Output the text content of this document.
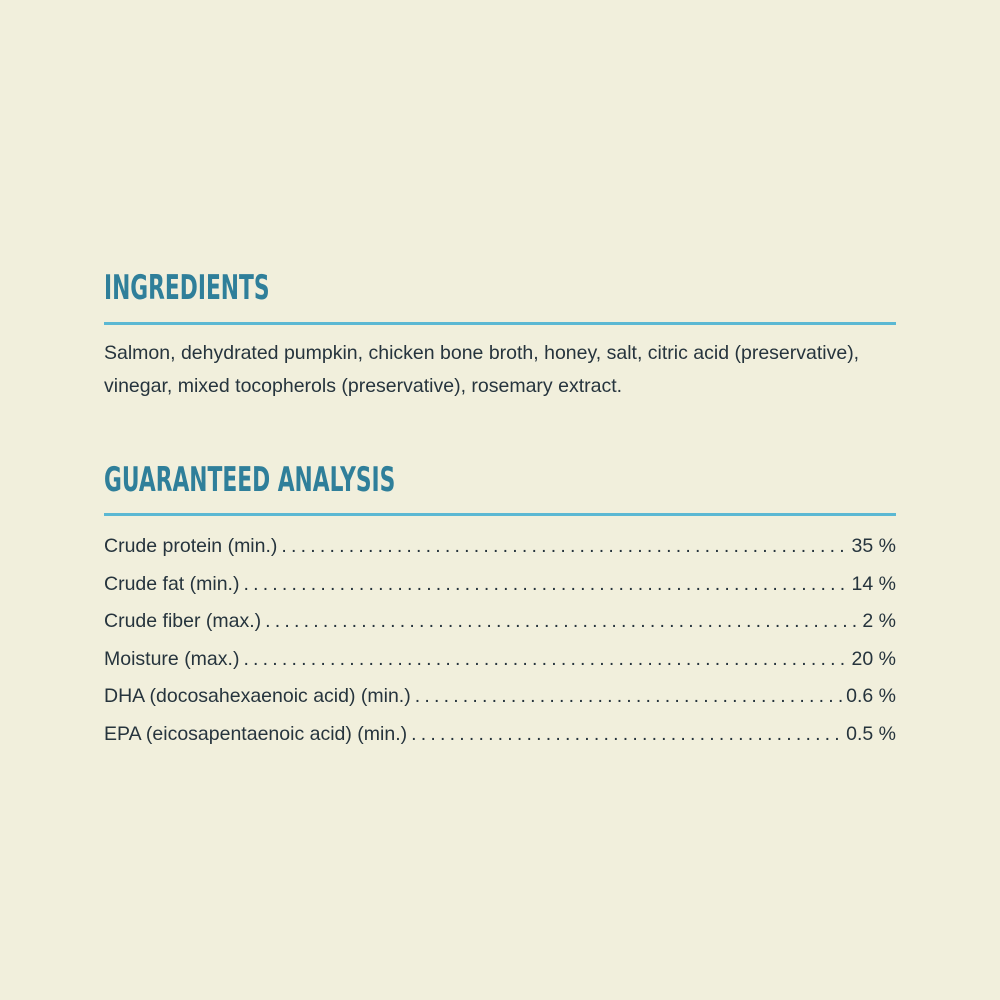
INGREDIENTS

Salmon, dehydrated pumpkin, chicken bone broth, honey, salt, citric acid (preservative), vinegar, mixed tocopherols (preservative), rosemary extract.

GUARANTEED ANALYSIS
Crude protein (min.) .....	35 %
Crude fat (min.) .....	14 %
Crude fiber (max.) .....	2 %
Moisture (max.) .....	20 %
DHA (docosahexaenoic acid) (min.) .....	0.6 %
EPA (eicosapentaenoic acid) (min.) .....	0.5 %
